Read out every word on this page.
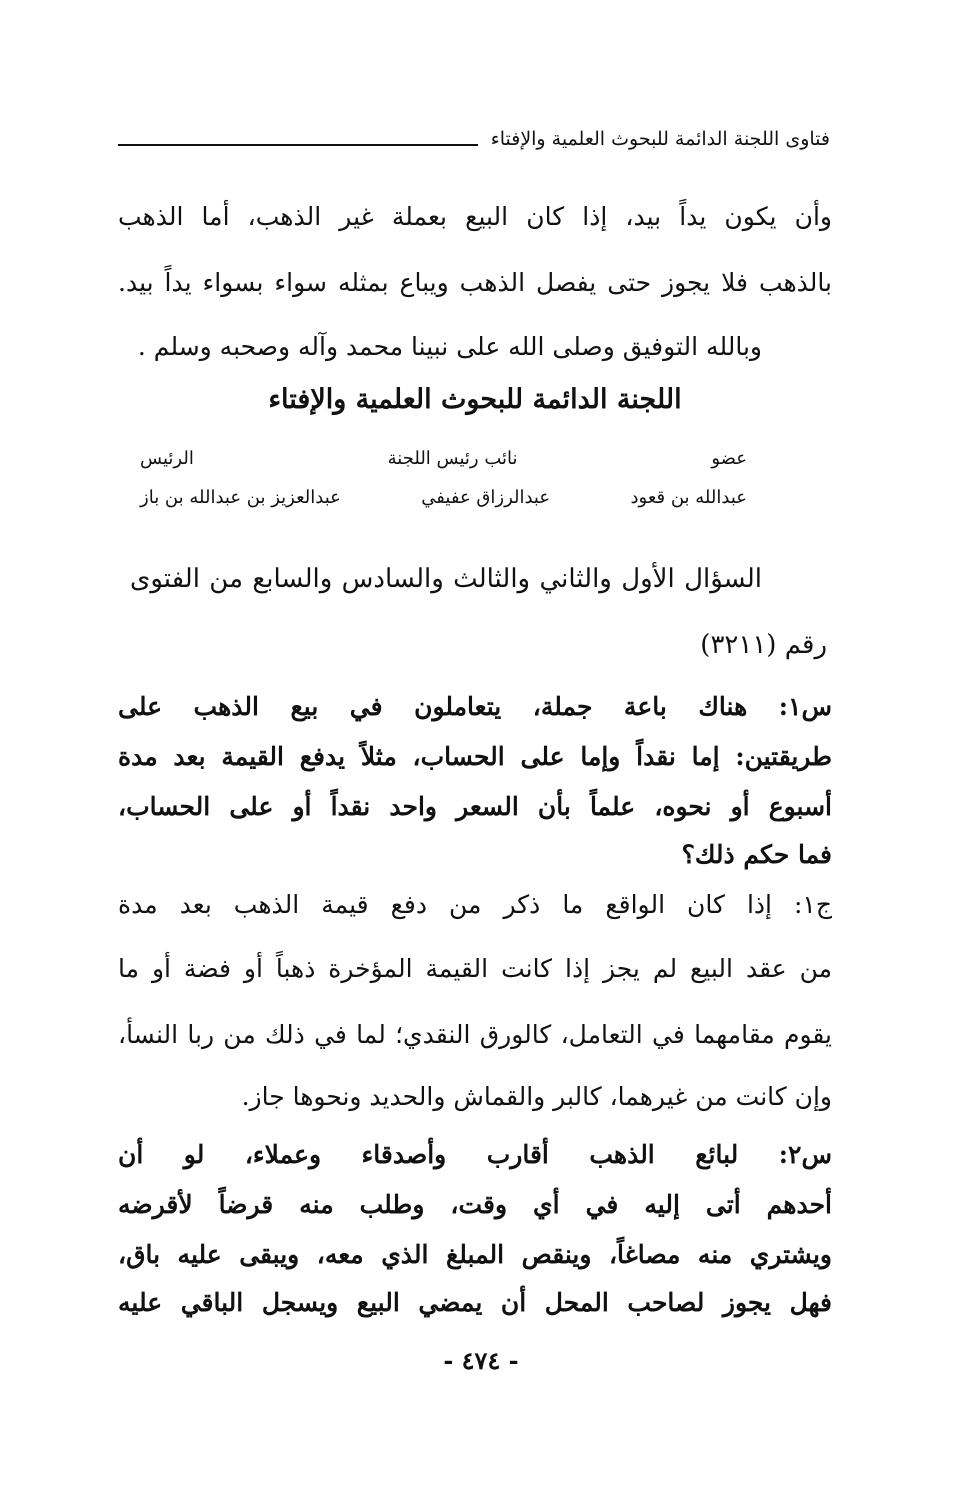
فتاوى اللجنة الدائمة للبحوث العلمية والإفتاء
وأن يكون يداً بيد، إذا كان البيع بعملة غير الذهب، أما الذهب
بالذهب فلا يجوز حتى يفصل الذهب ويباع بمثله سواء بسواء يداً بيد.
وبالله التوفيق وصلى الله على نبينا محمد وآله وصحبه وسلم .
اللجنة الدائمة للبحوث العلمية والإفتاء
عضو
نائب رئيس اللجنة
الرئيس
عبدالله بن قعود
عبدالرزاق عفيفي
عبدالعزيز بن عبدالله بن باز
السؤال الأول والثاني والثالث والسادس والسابع من الفتوى
رقم (٣٢١١)
س١: هناك باعة جملة، يتعاملون في بيع الذهب على
طريقتين: إما نقداً وإما على الحساب، مثلاً يدفع القيمة بعد مدة
أسبوع أو نحوه، علماً بأن السعر واحد نقداً أو على الحساب،
فما حكم ذلك؟
ج١: إذا كان الواقع ما ذكر من دفع قيمة الذهب بعد مدة
من عقد البيع لم يجز إذا كانت القيمة المؤخرة ذهباً أو فضة أو ما
يقوم مقامهما في التعامل، كالورق النقدي؛ لما في ذلك من ربا النسأ،
وإن كانت من غيرهما، كالبر والقماش والحديد ونحوها جاز.
س٢: لبائع الذهب أقارب وأصدقاء وعملاء، لو أن
أحدهم أتى إليه في أي وقت، وطلب منه قرضاً لأقرضه
ويشتري منه مصاغاً، وينقص المبلغ الذي معه، ويبقى عليه باق،
فهل يجوز لصاحب المحل أن يمضي البيع ويسجل الباقي عليه
- ٤٧٤ -
